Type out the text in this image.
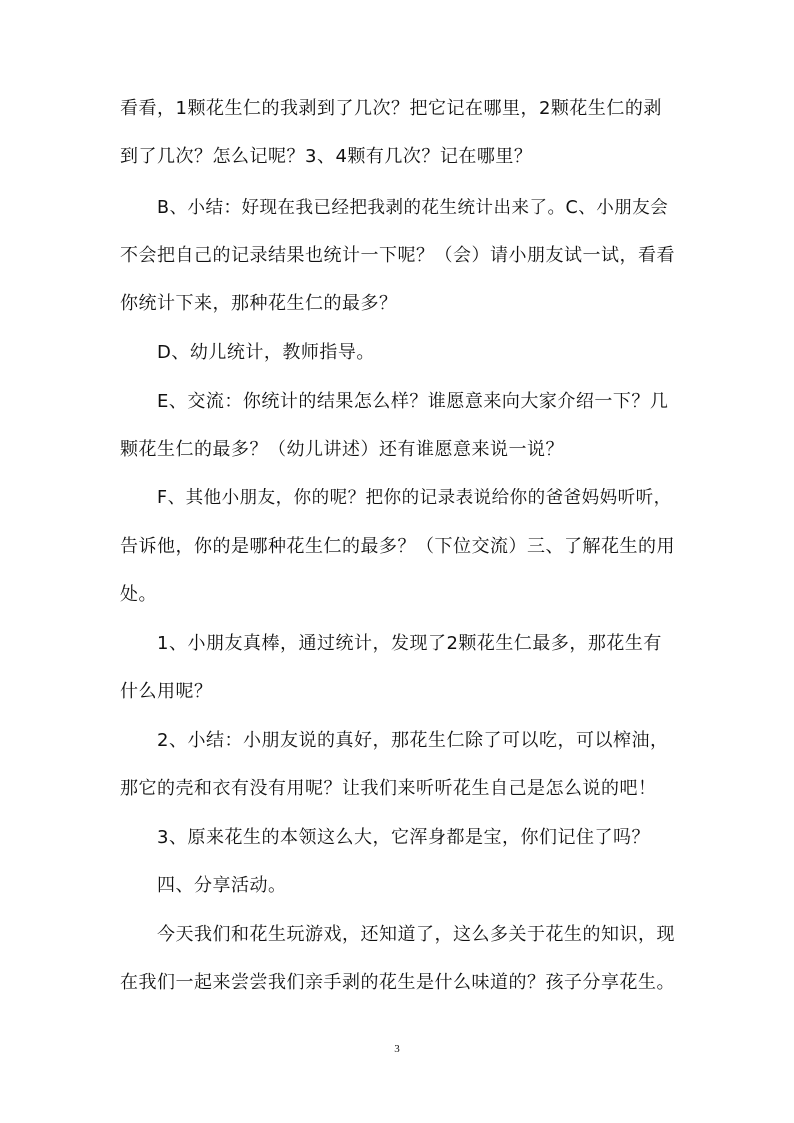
看看，1颗花生仁的我剥到了几次？把它记在哪里，2颗花生仁的剥
到了几次？怎么记呢？3、4颗有几次？记在哪里？
B、小结：好现在我已经把我剥的花生统计出来了。C、小朋友会
不会把自己的记录结果也统计一下呢？（会）请小朋友试一试，看看
你统计下来，那种花生仁的最多？
D、幼儿统计，教师指导。
E、交流：你统计的结果怎么样？谁愿意来向大家介绍一下？几
颗花生仁的最多？（幼儿讲述）还有谁愿意来说一说？
F、其他小朋友，你的呢？把你的记录表说给你的爸爸妈妈听听，
告诉他，你的是哪种花生仁的最多？（下位交流）三、了解花生的用
处。
1、小朋友真棒，通过统计，发现了2颗花生仁最多，那花生有
什么用呢？
2、小结：小朋友说的真好，那花生仁除了可以吃，可以榨油，
那它的壳和衣有没有用呢？让我们来听听花生自己是怎么说的吧！
3、原来花生的本领这么大，它浑身都是宝，你们记住了吗？
四、分享活动。
今天我们和花生玩游戏，还知道了，这么多关于花生的知识，现
在我们一起来尝尝我们亲手剥的花生是什么味道的？孩子分享花生。
3
